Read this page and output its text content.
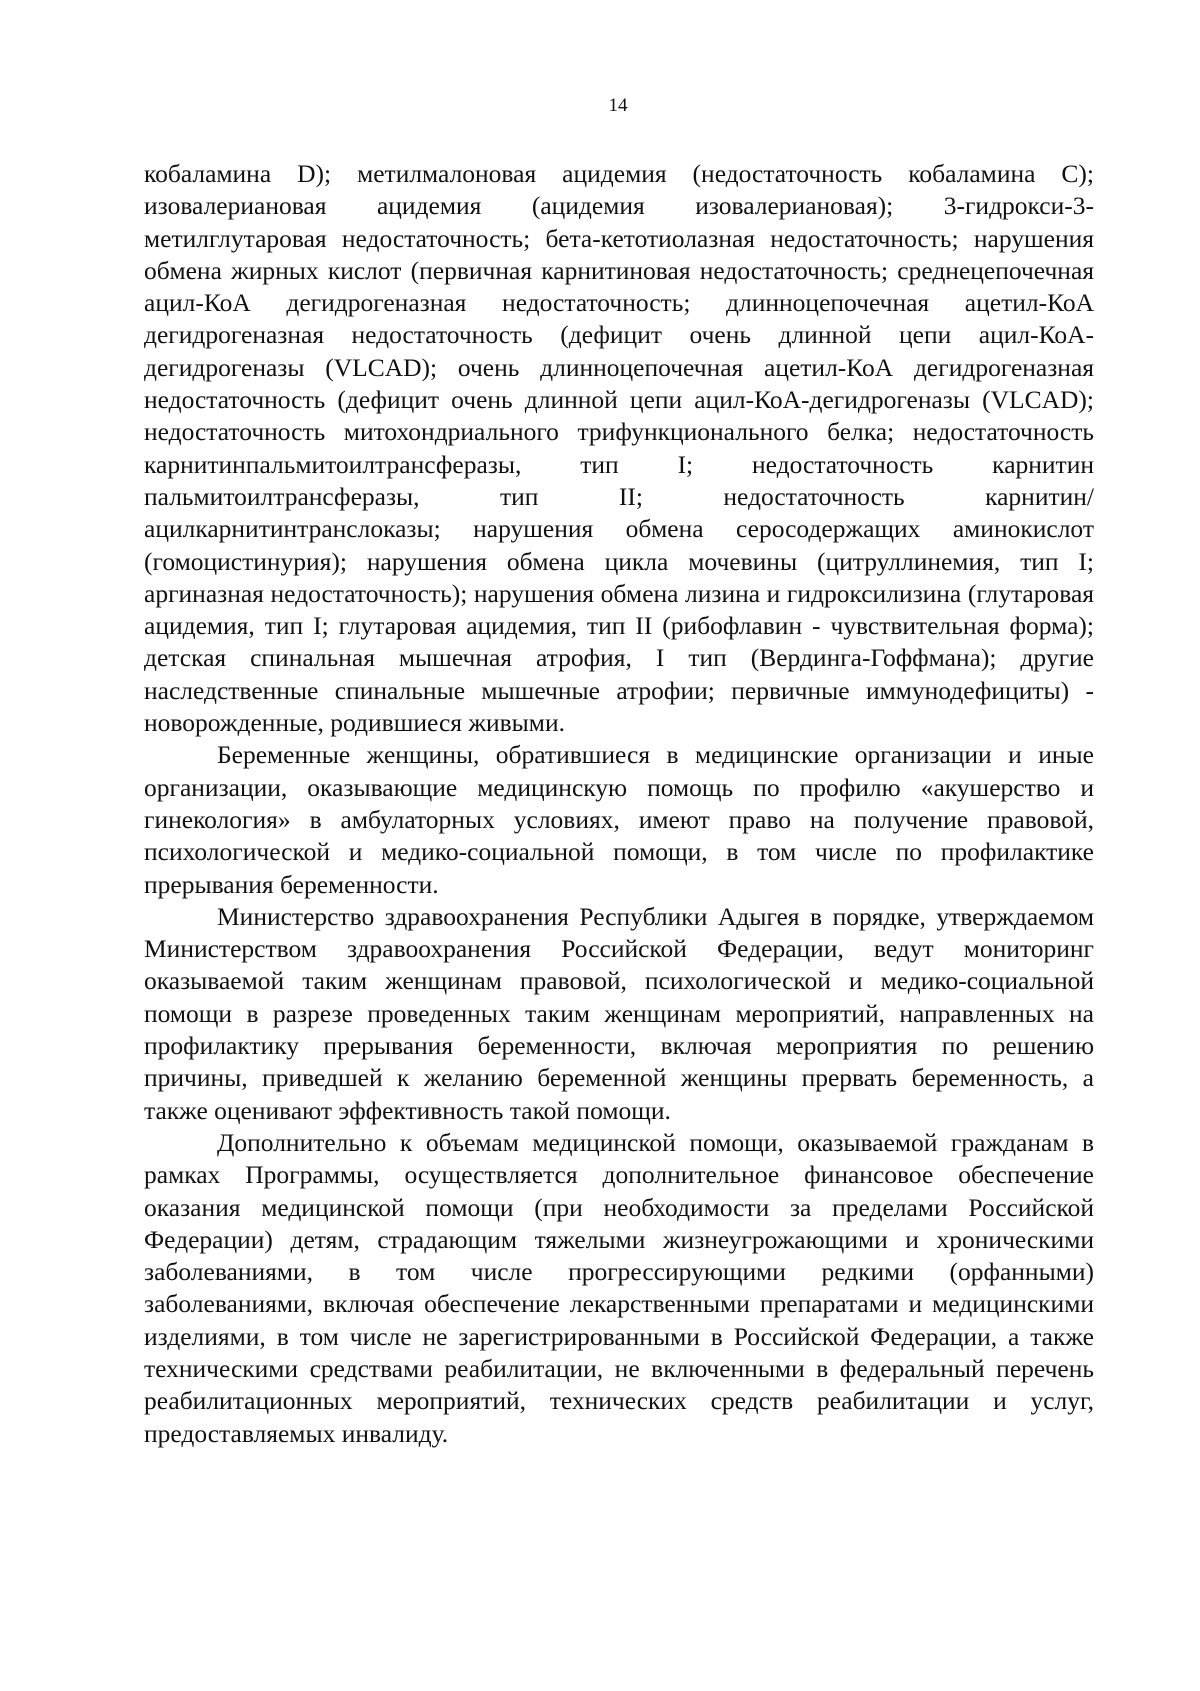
14

кобаламина D); метилмалоновая ацидемия (недостаточность кобаламина С); изовалериановая ацидемия (ацидемия изовалериановая); 3-гидрокси-3-метилглутаровая недостаточность; бета-кетотиолазная недостаточность; нарушения обмена жирных кислот (первичная карнитиновая недостаточность; среднецепочечная ацил-КоА дегидрогеназная недостаточность; длинноцепочечная ацетил-КоА дегидрогеназная недостаточность (дефицит очень длинной цепи ацил-КоА-дегидрогеназы (VLCAD); очень длинноцепочечная ацетил-КоА дегидрогеназная недостаточность (дефицит очень длинной цепи ацил-КоА-дегидрогеназы (VLCAD); недостаточность митохондриального трифункционального белка; недостаточность карнитинпальмитоилтрансферазы, тип I; недостаточность карнитин пальмитоилтрансферазы, тип II; недостаточность карнитин/ацилкарнитинтранслоказы; нарушения обмена серосодержащих аминокислот (гомоцистинурия); нарушения обмена цикла мочевины (цитруллинемия, тип I; аргиназная недостаточность); нарушения обмена лизина и гидроксилизина (глутаровая ацидемия, тип I; глутаровая ацидемия, тип II (рибофлавин - чувствительная форма); детская спинальная мышечная атрофия, I тип (Вердинга-Гоффмана); другие наследственные спинальные мышечные атрофии; первичные иммунодефициты) - новорожденные, родившиеся живыми.

Беременные женщины, обратившиеся в медицинские организации и иные организации, оказывающие медицинскую помощь по профилю «акушерство и гинекология» в амбулаторных условиях, имеют право на получение правовой, психологической и медико-социальной помощи, в том числе по профилактике прерывания беременности.

Министерство здравоохранения Республики Адыгея в порядке, утверждаемом Министерством здравоохранения Российской Федерации, ведут мониторинг оказываемой таким женщинам правовой, психологической и медико-социальной помощи в разрезе проведенных таким женщинам мероприятий, направленных на профилактику прерывания беременности, включая мероприятия по решению причины, приведшей к желанию беременной женщины прервать беременность, а также оценивают эффективность такой помощи.

Дополнительно к объемам медицинской помощи, оказываемой гражданам в рамках Программы, осуществляется дополнительное финансовое обеспечение оказания медицинской помощи (при необходимости за пределами Российской Федерации) детям, страдающим тяжелыми жизнеугрожающими и хроническими заболеваниями, в том числе прогрессирующими редкими (орфанными) заболеваниями, включая обеспечение лекарственными препаратами и медицинскими изделиями, в том числе не зарегистрированными в Российской Федерации, а также техническими средствами реабилитации, не включенными в федеральный перечень реабилитационных мероприятий, технических средств реабилитации и услуг, предоставляемых инвалиду.
